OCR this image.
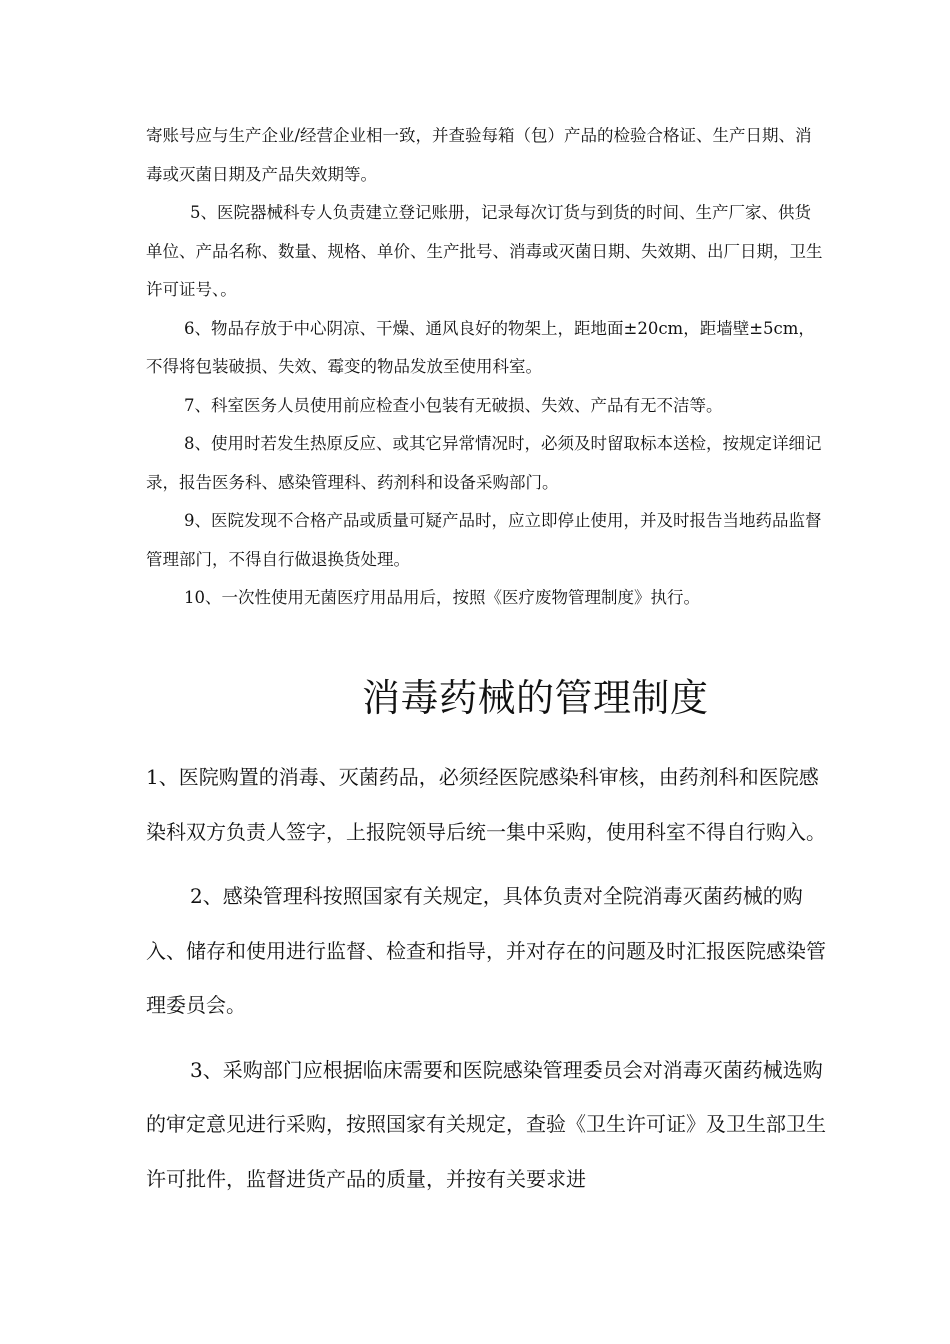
寄账号应与生产企业/经营企业相一致，并查验每箱（包）产品的检验合格证、生产日期、消毒或灭菌日期及产品失效期等。

5、医院器械科专人负责建立登记账册，记录每次订货与到货的时间、生产厂家、供货单位、产品名称、数量、规格、单价、生产批号、消毒或灭菌日期、失效期、出厂日期，卫生许可证号、。

6、物品存放于中心阴凉、干燥、通风良好的物架上，距地面±20cm，距墙壁±5cm，不得将包装破损、失效、霉变的物品发放至使用科室。

7、科室医务人员使用前应检查小包装有无破损、失效、产品有无不洁等。

8、使用时若发生热原反应、或其它异常情况时，必须及时留取标本送检，按规定详细记录，报告医务科、感染管理科、药剂科和设备采购部门。

9、医院发现不合格产品或质量可疑产品时，应立即停止使用，并及时报告当地药品监督管理部门，不得自行做退换货处理。

10、一次性使用无菌医疗用品用后，按照《医疗废物管理制度》执行。

消毒药械的管理制度

1、医院购置的消毒、灭菌药品，必须经医院感染科审核，由药剂科和医院感染科双方负责人签字，上报院领导后统一集中采购，使用科室不得自行购入。

2、感染管理科按照国家有关规定，具体负责对全院消毒灭菌药械的购入、储存和使用进行监督、检查和指导，并对存在的问题及时汇报医院感染管理委员会。

3、采购部门应根据临床需要和医院感染管理委员会对消毒灭菌药械选购的审定意见进行采购，按照国家有关规定，查验《卫生许可证》及卫生部卫生许可批件，监督进货产品的质量，并按有关要求进
